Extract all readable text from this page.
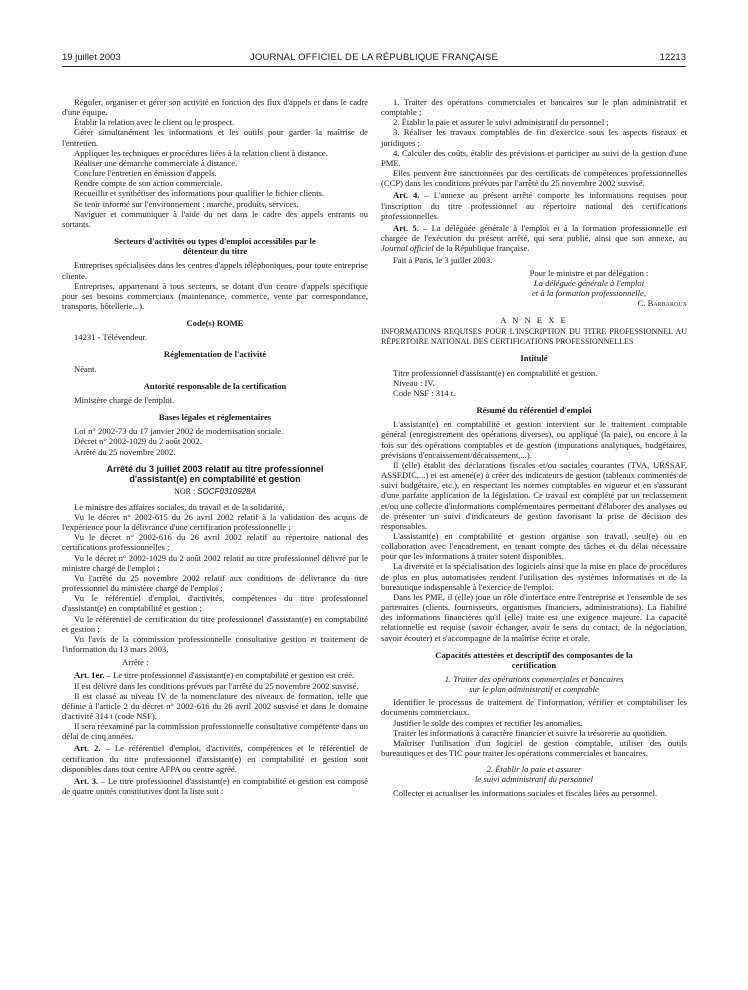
19 juillet 2003	JOURNAL OFFICIEL DE LA RÉPUBLIQUE FRANÇAISE	12213

Réguler, organiser et gérer son activité en fonction des flux d'appels et dans le cadre d'une équipe.

Établir la relation avec le client ou le prospect.

Gérer simultanément les informations et les outils pour garder la maîtrise de l'entretien.

Appliquer les techniques et procédures liées à la relation client à distance.

Réaliser une démarche commerciale à distance.

Conclure l'entretien en émission d'appels.

Rendre compte de son action commerciale.

Recueillir et synthétiser des informations pour qualifier le fichier clients.

Se tenir informé sur l'environnement : marche, produits, services.

Naviguer et communiquer à l'aide du net dans le cadre des appels entrants ou sortants.

Secteurs d'activités ou types d'emploi accessibles par le détenteur du titre

Entreprises spécialisées dans les centres d'appels téléphoniques, pour toute entreprise cliente.

Entreprises, appartenant à tous secteurs, se dotant d'un centre d'appels spécifique pour ses besoins commerciaux (maintenance, commerce, vente par correspondance, transports, hôtellerie...).

Code(s) ROME

14231 - Télévendeur.

Réglementation de l'activité

Néant.

Autorité responsable de la certification

Ministère chargé de l'emploi.

Bases légales et réglementaires

Loi n° 2002-73 du 17 janvier 2002 de modernisation sociale.

Décret n° 2002-1029 du 2 août 2002.

Arrêté du 25 novembre 2002.

Arrêté du 3 juillet 2003 relatif au titre professionnel d'assistant(e) en comptabilité et gestion

NOR : SOCF0310928A

Le ministre des affaires sociales, du travail et de la solidarité,

Vu le décret n° 2002-615 du 26 avril 2002 relatif à la validation des acquis de l'expérience pour la délivrance d'une certification professionnelle ;

Vu le décret n° 2002-616 du 26 avril 2002 relatif au répertoire national des certifications professionnelles ;

Vu le décret n° 2002-1029 du 2 août 2002 relatif au titre professionnel délivré par le ministre chargé de l'emploi ;

Vu l'arrêté du 25 novembre 2002 relatif aux conditions de délivrance du titre professionnel du ministère chargé de l'emploi ;

Vu le référentiel d'emploi, d'activités, compétences du titre professionnel d'assistant(e) en comptabilité et gestion ;

Vu le référentiel de certification du titre professionnel d'assistant(e) en comptabilité et gestion ;

Vu l'avis de la commission professionnelle consultative gestion et traitement de l'information du 13 mars 2003,

Arrête :

Art. 1er. – Le titre professionnel d'assistant(e) en comptabilité et gestion est créé.

Il est délivré dans les conditions prévues par l'arrêté du 25 novembre 2002 susvisé.

Il est classé au niveau IV de la nomenclature des niveaux de formation, telle que définie à l'article 2 du décret n° 2002-616 du 26 avril 2002 susvisé et dans le domaine d'activité 314 t (code NSF).

Il sera réexaminé par la commission professionnelle consultative compétente dans un délai de cinq années.

Art. 2. – Le référentiel d'emploi, d'activités, compétences et le référentiel de certification du titre professionnel d'assistant(e) en comptabilité et gestion sont disponibles dans tout centre AFPA ou centre agréé.

Art. 3. – Le titre professionnel d'assistant(e) en comptabilité et gestion est composé de quatre unités constitutives dont la liste suit :

1. Traiter des opérations commerciales et bancaires sur le plan administratif et comptable ;

2. Établir la paie et assurer le suivi administratif du personnel ;

3. Réaliser les travaux comptables de fin d'exercice sous les aspects fiscaux et juridiques ;

4. Calculer des coûts, établir des prévisions et participer au suivi de la gestion d'une PME.

Elles peuvent être sanctionnées par des certificats de compétences professionnelles (CCP) dans les conditions prévues par l'arrêté du 25 novembre 2002 susvisé.

Art. 4. – L'annexe au présent arrêté comporte les informations requises pour l'inscription du titre professionnel au répertoire national des certifications professionnelles.

Art. 5. – La déléguée générale à l'emploi et à la formation professionnelle est chargée de l'exécution du présent arrêté, qui sera publié, ainsi que son annexe, au Journal officiel de la République française.

Fait à Paris, le 3 juillet 2003.

Pour le ministre et par délégation :

La déléguée générale à l'emploi

et à la formation professionnelle,

C. Barbaroux

A N N E X E

INFORMATIONS REQUISES POUR L'INSCRIPTION DU TITRE PROFESSIONNEL AU RÉPERTOIRE NATIONAL DES CERTIFICATIONS PROFESSIONNELLES

Intitulé

Titre professionnel d'assistant(e) en comptabilité et gestion.

Niveau : IV.

Code NSF : 314 t.

Résumé du référentiel d'emploi

L'assistant(e) en comptabilité et gestion intervient sur le traitement comptable général (enregistrement des opérations diverses), ou appliqué (la paie), ou encore à la fois sur des opérations comptables et de gestion (imputations analytiques, budgétaires, prévisions d'encaissement/décaissement,...).

Il (elle) établit des déclarations fiscales et/ou sociales courantes (TVA, URSSAF, ASSEDIC,...) et est amené(e) à créer des indicateurs de gestion (tableaux commentés de suivi budgétaire, etc.), en respectant les normes comptables en vigueur et en s'assurant d'une parfaite application de la législation. Ce travail est complété par un reclassement et/ou une collecte d'informations complémentaires permettant d'élaborer des analyses ou de présenter un suivi d'indicateurs de gestion favorisant la prise de décision des responsables.

L'assistant(e) en comptabilité et gestion organise son travail, seul(e) ou en collaboration avec l'encadrement, en tenant compte des tâches et du délai nécessaire pour que les informations à traiter soient disponibles.

La diversité et la spécialisation des logiciels ainsi que la mise en place de procédures de plus en plus automatisées rendent l'utilisation des systèmes informatisés et de la bureautique indispensable à l'exercice de l'emploi.

Dans les PME, il (elle) joue un rôle d'interface entre l'entreprise et l'ensemble de ses partenaires (clients, fournisseurs, organismes financiers, administrations). La fiabilité des informations financières qu'il (elle) traite est une exigence majeure. La capacité relationnelle est requise (savoir échanger, avoir le sens du contact, de la négociation, savoir écouter) et s'accompagne de la maîtrise écrite et orale.

Capacités attestées et descriptif des composantes de la certification

1. Traiter des opérations commerciales et bancaires

sur le plan administratif et comptable

Identifier le processus de traitement de l'information, vérifier et comptabiliser les documents commerciaux.

Justifier le solde des comptes et rectifier les anomalies.

Traiter les informations à caractère financier et suivre la trésorerie au quotidien.

Maîtriser l'utilisation d'un logiciel de gestion comptable, utiliser des outils bureautiques et des TIC pour traiter les opérations commerciales et bancaires.

2. Établir la paie et assurer

le suivi administratif du personnel

Collecter et actualiser les informations sociales et fiscales liées au personnel.
